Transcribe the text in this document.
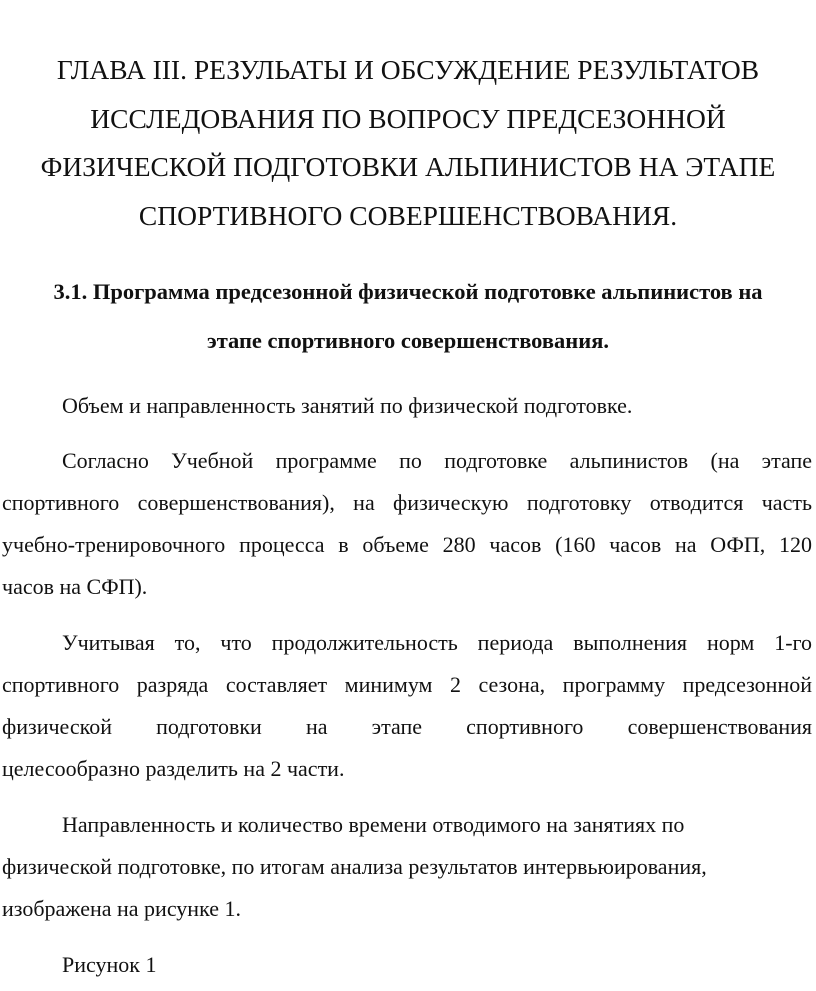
ГЛАВА III. РЕЗУЛЬАТЫ И ОБСУЖДЕНИЕ РЕЗУЛЬТАТОВ
ИССЛЕДОВАНИЯ ПО ВОПРОСУ ПРЕДСЕЗОННОЙ
ФИЗИЧЕСКОЙ ПОДГОТОВКИ АЛЬПИНИСТОВ НА ЭТАПЕ
СПОРТИВНОГО СОВЕРШЕНСТВОВАНИЯ.
3.1. Программа предсезонной физической подготовке альпинистов на
этапе спортивного совершенствования.
Объем и направленность занятий по физической подготовке.
Согласно Учебной программе по подготовке альпинистов (на этапе
спортивного совершенствования), на физическую подготовку отводится часть
учебно-тренировочного процесса в объеме 280 часов (160 часов на ОФП, 120
часов на СФП).
Учитывая то, что продолжительность периода выполнения норм 1-го
спортивного разряда составляет минимум 2 сезона, программу предсезонной
физической подготовки на этапе спортивного совершенствования
целесообразно разделить на 2 части.
Направленность и количество времени отводимого на занятиях по
физической подготовке, по итогам анализа результатов интервьюирования,
изображена на рисунке 1.
Рисунок 1
